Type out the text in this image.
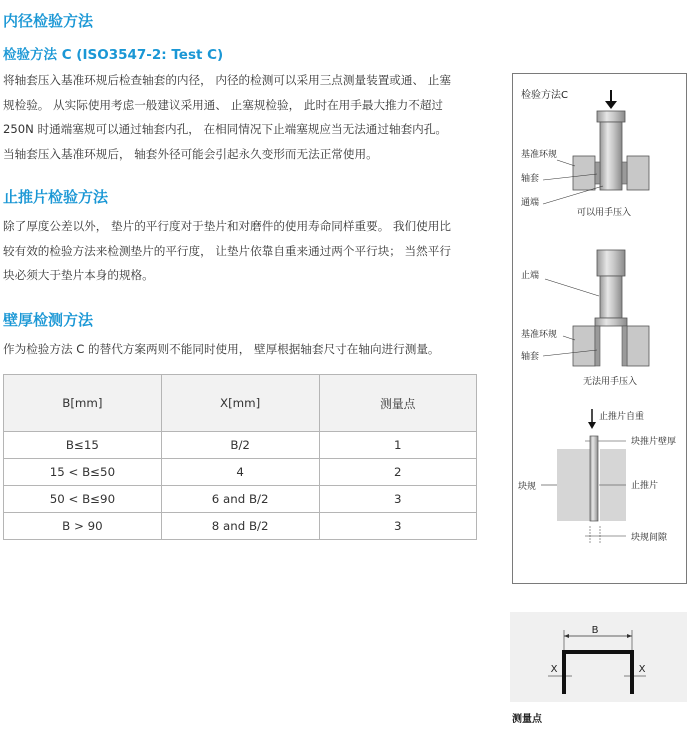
内径检验方法
检验方法 C (ISO3547-2: Test C)
将轴套压入基准环规后检查轴套的内径， 内径的检测可以采用三点测量装置或通、 止塞
规检验。 从实际使用考虑一般建议采用通、 止塞规检验， 此时在用手最大推力不超过
250N 时通端塞规可以通过轴套内孔， 在相同情况下止端塞规应当无法通过轴套内孔。
当轴套压入基准环规后， 轴套外径可能会引起永久变形而无法正常使用。
止推片检验方法
除了厚度公差以外， 垫片的平行度对于垫片和对磨件的使用寿命同样重要。 我们使用比
较有效的检验方法来检测垫片的平行度， 让垫片依靠自重来通过两个平行块； 当然平行
块必须大于垫片本身的规格。
壁厚检测方法
作为检验方法 C 的替代方案两则不能同时使用， 壁厚根据轴套尺寸在轴向进行测量。
B[mm]	X[mm]	测量点
B≤15	B/2	1
15 < B≤50	4	2
50 < B≤90	6 and B/2	3
B > 90	8 and B/2	3
检验方法C
基准环规
轴套
通端
可以用手压入
止端
基准环规
轴套
无法用手压入
止推片自重
块推片壁厚
块规	止推片
块规间隙
B
X	X
测量点
